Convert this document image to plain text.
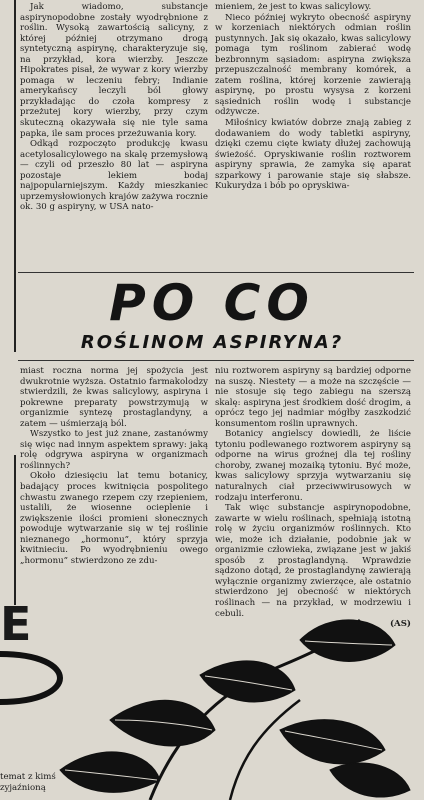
Jak wiadomo, substancje aspirynopodobne zostały wyodrębnione z roślin. Wysoką zawartością salicyny, z której później otrzymano drogą syntetyczną aspirynę, charakteryzuje się, na przykład, kora wierzby. Jeszcze Hipokrates pisał, że wywar z kory wierzby pomaga w leczeniu febry; Indianie amerykańscy leczyli ból głowy przykładając do czoła kompresy z przeżutej kory wierzby, przy czym skuteczną okazywała się nie tyle sama papka, ile sam proces przeżuwania kory.

Odkąd rozpoczęto produkcję kwasu acetylosalicylowego na skalę przemysłową — czyli od przeszło 80 lat — aspiryna pozostaje lekiem bodaj najpopularniejszym. Każdy mieszkaniec uprzemysłowionych krajów zażywa rocznie ok. 30 g aspiryny, w USA nato-

mieniem, że jest to kwas salicylowy.

Nieco później wykryto obecność aspiryny w korzeniach niektórych odmian roślin pustynnych. Jak się okazało, kwas salicylowy pomaga tym roślinom zabierać wodę bezbronnym sąsiadom: aspiryna zwiększa przepuszczalność membrany komórek, a zatem roślina, której korzenie zawierają aspirynę, po prostu wysysa z korzeni sąsiednich roślin wodę i substancje odżywcze.

Miłośnicy kwiatów dobrze znają zabieg z dodawaniem do wody tabletki aspiryny, dzięki czemu cięte kwiaty dłużej zachowują świeżość. Opryskiwanie roślin roztworem aspiryny sprawia, że zamyka się aparat szparkowy i parowanie staje się słabsze. Kukurydza i bób po opryskiwa-

PO CO
ROŚLINOM ASPIRYNA?

miast roczna norma jej spożycia jest dwukrotnie wyższa. Ostatnio farmakolodzy stwierdzili, że kwas salicylowy, aspiryna i pokrewne preparaty powstrzymują w organizmie syntezę prostaglandyny, a zatem — uśmierzają ból.

Wszystko to jest już znane, zastanówmy się więc nad innym aspektem sprawy: jaką rolę odgrywa aspiryna w organizmach roślinnych?

Około dziesięciu lat temu botanicy, badający proces kwitnięcia pospolitego chwastu zwanego rzepem czy rzepieniem, ustalili, że wiosenne ocieplenie i zwiększenie ilości promieni słonecznych powoduje wytwarzanie się w tej roślinie nieznanego „hormonu”, który sprzyja kwitnieciu. Po wyodrębnieniu owego „hormonu” stwierdzono ze zdu-

niu roztworem aspiryny są bardziej odporne na suszę. Niestety — a może na szczęście — nie stosuje się tego zabiegu na szerszą skalę: aspiryna jest środkiem dość drogim, a oprócz tego jej nadmiar mógłby zaszkodzić konsumentom roślin uprawnych.

Botanicy angielscy dowiedli, że liście tytoniu podlewanego roztworem aspiryny są odporne na wirus groźnej dla tej rośliny choroby, zwanej mozaiką tytoniu. Być może, kwas salicylowy sprzyja wytwarzaniu się naturalnych ciał przeciwwirusowych w rodzaju interferonu.

Tak więc substancje aspirynopodobne, zawarte w wielu roślinach, spełniają istotną rolę w życiu organizmów roślinnych. Kto wie, może ich działanie, podobnie jak w organizmie człowieka, związane jest w jakiś sposób z prostaglandyną. Wprawdzie sądzono dotąd, że prostaglandynę zawierają wyłącznie organizmy zwierzęce, ale ostatnio stwierdzono jej obecność w niektórych roślinach — na przykład, w modrzewiu i cebuli.

(AS)

E
temat z kimś
zyjaźnioną
